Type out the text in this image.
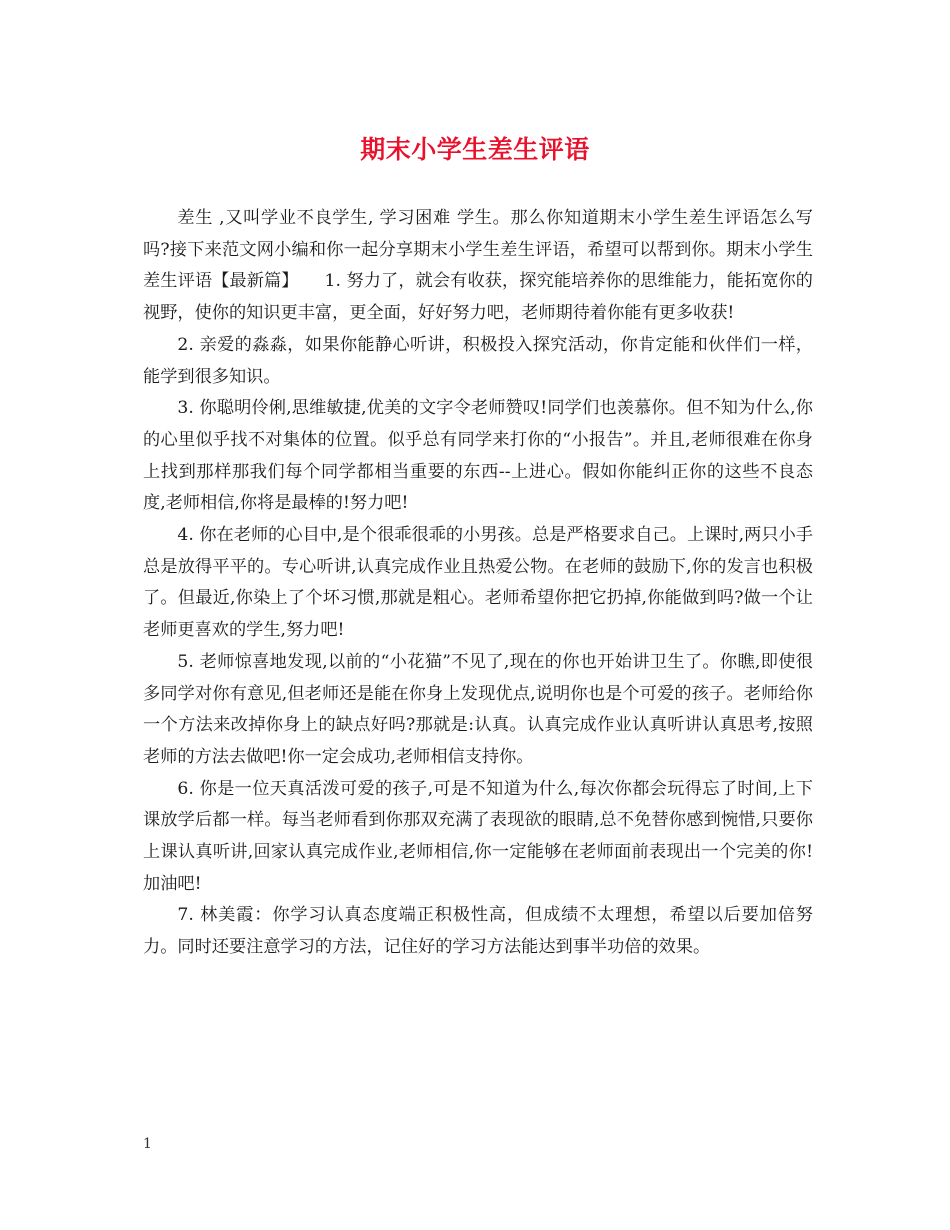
期末小学生差生评语

差生 ,又叫学业不良学生, 学习困难 学生。那么你知道期末小学生差生评语怎么写吗?接下来范文网小编和你一起分享期末小学生差生评语，希望可以帮到你。期末小学生差生评语【最新篇】　　1. 努力了，就会有收获，探究能培养你的思维能力，能拓宽你的视野，使你的知识更丰富，更全面，好好努力吧，老师期待着你能有更多收获!

2. 亲爱的淼淼，如果你能静心听讲，积极投入探究活动，你肯定能和伙伴们一样，能学到很多知识。

3. 你聪明伶俐,思维敏捷,优美的文字令老师赞叹!同学们也羡慕你。但不知为什么,你的心里似乎找不对集体的位置。似乎总有同学来打你的“小报告”。并且,老师很难在你身上找到那样那我们每个同学都相当重要的东西--上进心。假如你能纠正你的这些不良态度,老师相信,你将是最棒的!努力吧!

4. 你在老师的心目中,是个很乖很乖的小男孩。总是严格要求自己。上课时,两只小手总是放得平平的。专心听讲,认真完成作业且热爱公物。在老师的鼓励下,你的发言也积极了。但最近,你染上了个坏习惯,那就是粗心。老师希望你把它扔掉,你能做到吗?做一个让老师更喜欢的学生,努力吧!

5. 老师惊喜地发现,以前的“小花猫”不见了,现在的你也开始讲卫生了。你瞧,即使很多同学对你有意见,但老师还是能在你身上发现优点,说明你也是个可爱的孩子。老师给你一个方法来改掉你身上的缺点好吗?那就是:认真。认真完成作业认真听讲认真思考,按照老师的方法去做吧!你一定会成功,老师相信支持你。

6. 你是一位天真活泼可爱的孩子,可是不知道为什么,每次你都会玩得忘了时间,上下课放学后都一样。每当老师看到你那双充满了表现欲的眼睛,总不免替你感到惋惜,只要你上课认真听讲,回家认真完成作业,老师相信,你一定能够在老师面前表现出一个完美的你!加油吧!

7. 林美霞：你学习认真态度端正积极性高，但成绩不太理想，希望以后要加倍努力。同时还要注意学习的方法，记住好的学习方法能达到事半功倍的效果。

1
